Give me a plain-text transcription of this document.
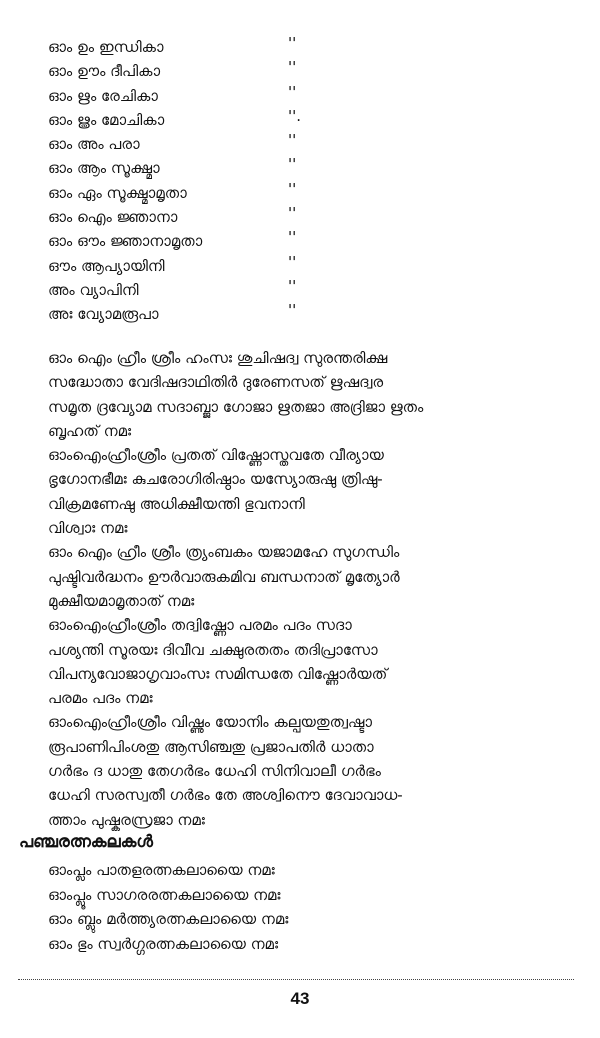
ഓം ഉം ഇന്ധികാ	''
ഓം ഊം ദീപികാ	''
ഓം ഋം രേചികാ	''
ഓം ൠം മോചികാ	''.
ഓം അം പരാ	''
ഓം ആം സൂക്ഷ്മാ	''
ഓം ഏം സൂക്ഷ്മാമൃതാ	''
ഓം ഐം ജ്ഞാനാ	''
ഓം ഔം ജ്ഞാനാമൃതാ	''
ഔം ആപ്യായിനി	''
അം വ്യാപിനി	''
അഃ വ്യോമരൂപാ	''
ഓം ഐം ഹ്രീം ശ്രീം ഹംസഃ ശുചിഷദ്വ സുരന്തരിക്ഷ
സദ്ധോതാ വേദിഷദാഥിതിർ ദുരേണസത് ഋഷദ്വര
സമൃത ദ്രവ്യോമ സദാബ്ജാ ഗോജാ ഋതജാ അദ്രിജാ ഋതം
ബൃഹത് നമഃ
ഓംഐംഹ്രീംശ്രീം പ്രതത് വിഷ്ണോസ്തവതേ വീര്യായ
ഭൃഗോനഭീമഃ കുചരോഗിരിഷ്ഠാം യസ്യോരുഷു ത്രിഷു-
വിക്രമണേഷു അധിക്ഷീയന്തി ഭുവനാനി
വിശ്വാഃ നമഃ
ഓം ഐം ഹ്രീം ശ്രീം ത്ര്യംബകം യജാമഹേ സുഗന്ധിം
പുഷ്ടിവർദ്ധനം ഊർവാരുകമിവ ബന്ധനാത് മൃത്യോർ
മുക്ഷീയമാമൃതാത് നമഃ
ഓംഐംഹ്രീംശ്രീം തദ്വിഷ്ണോ പരമം പദം സദാ
പശ്യന്തി സൂരയഃ ദിവീവ ചക്ഷുരതതം തദിപ്രാസോ
വിപന്യവോജാഗൃവാംസഃ സമിന്ധതേ വിഷ്ണോർയത്
പരമം പദം നമഃ
ഓംഐംഹ്രീംശ്രീം വിഷ്ണും യോനിം കല്പയതുത്വഷ്ടാ
രൂപാണിപിംശതു ആസിഞ്ചതു പ്രജാപതിർ ധാതാ
ഗർഭം ദ ധാതു തേഗർഭം ധേഹി സിനിവാലീ ഗർഭം
ധേഹി സരസ്വതീ ഗർഭം തേ അശ്വിനൌ ദേവാവാധ-
ത്താം പുഷ്കരസ്രജാ നമഃ
പഞ്ചരത്നകലകൾ
ഓംപ്ലം പാതളരത്നകലായൈ നമഃ
ഓംപ്ലൂം സാഗരരത്നകലായൈ നമഃ
ഓം ബ്ലും മർത്ത്യരത്നകലായൈ നമഃ
ഓം ഭും സ്വർഗ്ഗരത്നകലായൈ നമഃ
43
